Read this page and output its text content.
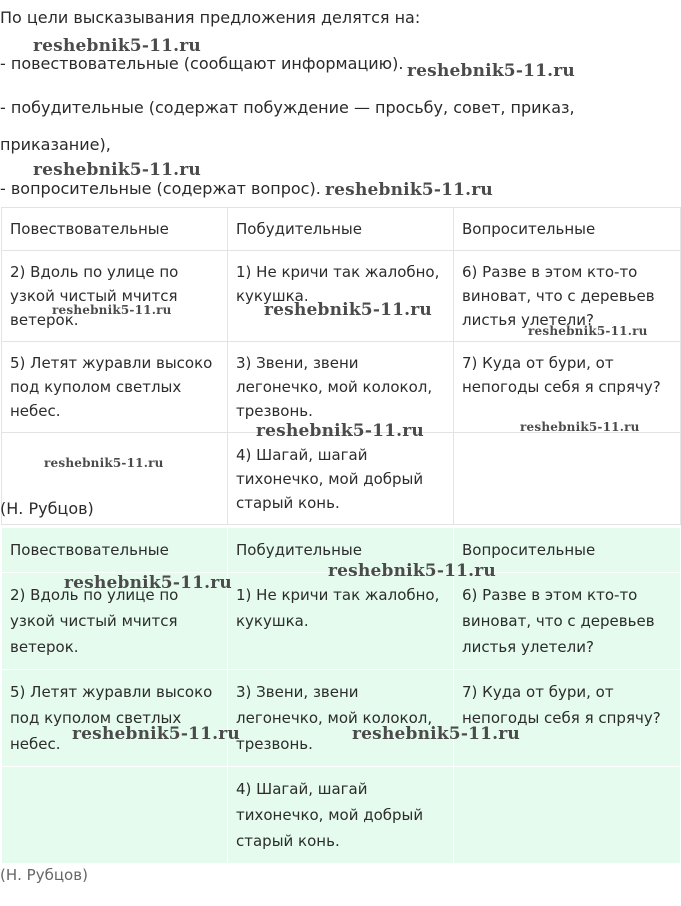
По цели высказывания предложения делятся на:
- повествовательные (сообщают информацию).
- побудительные (содержат побуждение — просьбу, совет, приказ,
приказание),
- вопросительные (содержат вопрос).
Повествовательные	Побудительные	Вопросительные
2) Вдоль по улице по узкой чистый мчится ветерок.	1) Не кричи так жалобно, кукушка.	6) Разве в этом кто-то виноват, что с деревьев листья улетели?
5) Летят журавли высоко под куполом светлых небес.	3) Звени, звени легонечко, мой колокол, трезвонь.	7) Куда от бури, от непогоды себя я спрячу?
	4) Шагай, шагай тихонечко, мой добрый старый конь.	
(Н. Рубцов)
Повествовательные	Побудительные	Вопросительные
2) Вдоль по улице по узкой чистый мчится ветерок.	1) Не кричи так жалобно, кукушка.	6) Разве в этом кто-то виноват, что с деревьев листья улетели?
5) Летят журавли высоко под куполом светлых небес.	3) Звени, звени легонечко, мой колокол, трезвонь.	7) Куда от бури, от непогоды себя я спрячу?
	4) Шагай, шагай тихонечко, мой добрый старый конь.	
(Н. Рубцов)
reshebnik5-11.ru
reshebnik5-11.ru
reshebnik5-11.ru
reshebnik5-11.ru
reshebnik5-11.ru	reshebnik5-11.ru
reshebnik5-11.ru
reshebnik5-11.ru	reshebnik5-11.ru
reshebnik5-11.ru
reshebnik5-11.ru
reshebnik5-11.ru
reshebnik5-11.ru	reshebnik5-11.ru
